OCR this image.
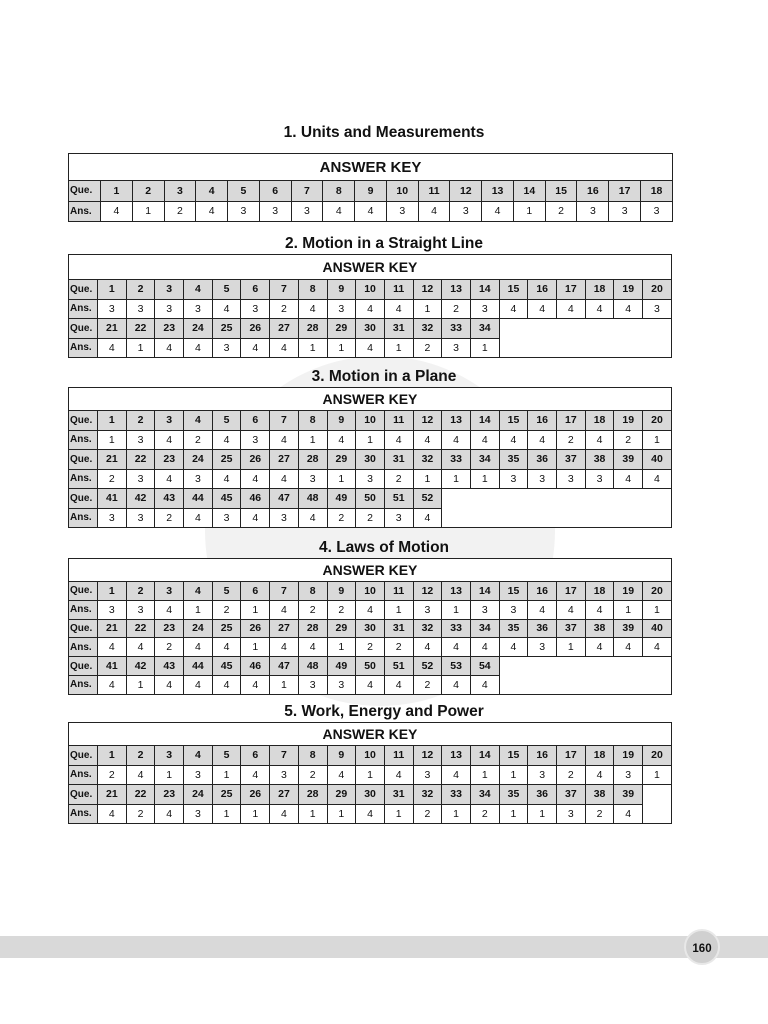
1. Units and Measurements
ANSWER KEY																		
Que.	1	2	3	4	5	6	7	8	9	10	11	12	13	14	15	16	17	18
Ans.	4	1	2	4	3	3	3	4	4	3	4	3	4	1	2	3	3	3
2. Motion in a Straight Line
ANSWER KEY																				
Que.	1	2	3	4	5	6	7	8	9	10	11	12	13	14	15	16	17	18	19	20
Ans.	3	3	3	3	4	3	2	4	3	4	4	1	2	3	4	4	4	4	4	3
Que.	21	22	23	24	25	26	27	28	29	30	31	32	33	34						
Ans.	4	1	4	4	3	4	4	1	1	4	1	2	3	1						
3. Motion in a Plane
ANSWER KEY																				
Que.	1	2	3	4	5	6	7	8	9	10	11	12	13	14	15	16	17	18	19	20
Ans.	1	3	4	2	4	3	4	1	4	1	4	4	4	4	4	4	2	4	2	1
Que.	21	22	23	24	25	26	27	28	29	30	31	32	33	34	35	36	37	38	39	40
Ans.	2	3	4	3	4	4	4	3	1	3	2	1	1	1	3	3	3	3	4	4
Que.	41	42	43	44	45	46	47	48	49	50	51	52								
Ans.	3	3	2	4	3	4	3	4	2	2	3	4								
4. Laws of Motion
ANSWER KEY																				
Que.	1	2	3	4	5	6	7	8	9	10	11	12	13	14	15	16	17	18	19	20
Ans.	3	3	4	1	2	1	4	2	2	4	1	3	1	3	3	4	4	4	1	1
Que.	21	22	23	24	25	26	27	28	29	30	31	32	33	34	35	36	37	38	39	40
Ans.	4	4	2	4	4	1	4	4	1	2	2	4	4	4	4	3	1	4	4	4
Que.	41	42	43	44	45	46	47	48	49	50	51	52	53	54						
Ans.	4	1	4	4	4	4	1	3	3	4	4	2	4	4						
5. Work, Energy and Power
ANSWER KEY																				
Que.	1	2	3	4	5	6	7	8	9	10	11	12	13	14	15	16	17	18	19	20
Ans.	2	4	1	3	1	4	3	2	4	1	4	3	4	1	1	3	2	4	3	1
Que.	21	22	23	24	25	26	27	28	29	30	31	32	33	34	35	36	37	38	39	
Ans.	4	2	4	3	1	1	4	1	1	4	1	2	1	2	1	1	3	2	4	
160
